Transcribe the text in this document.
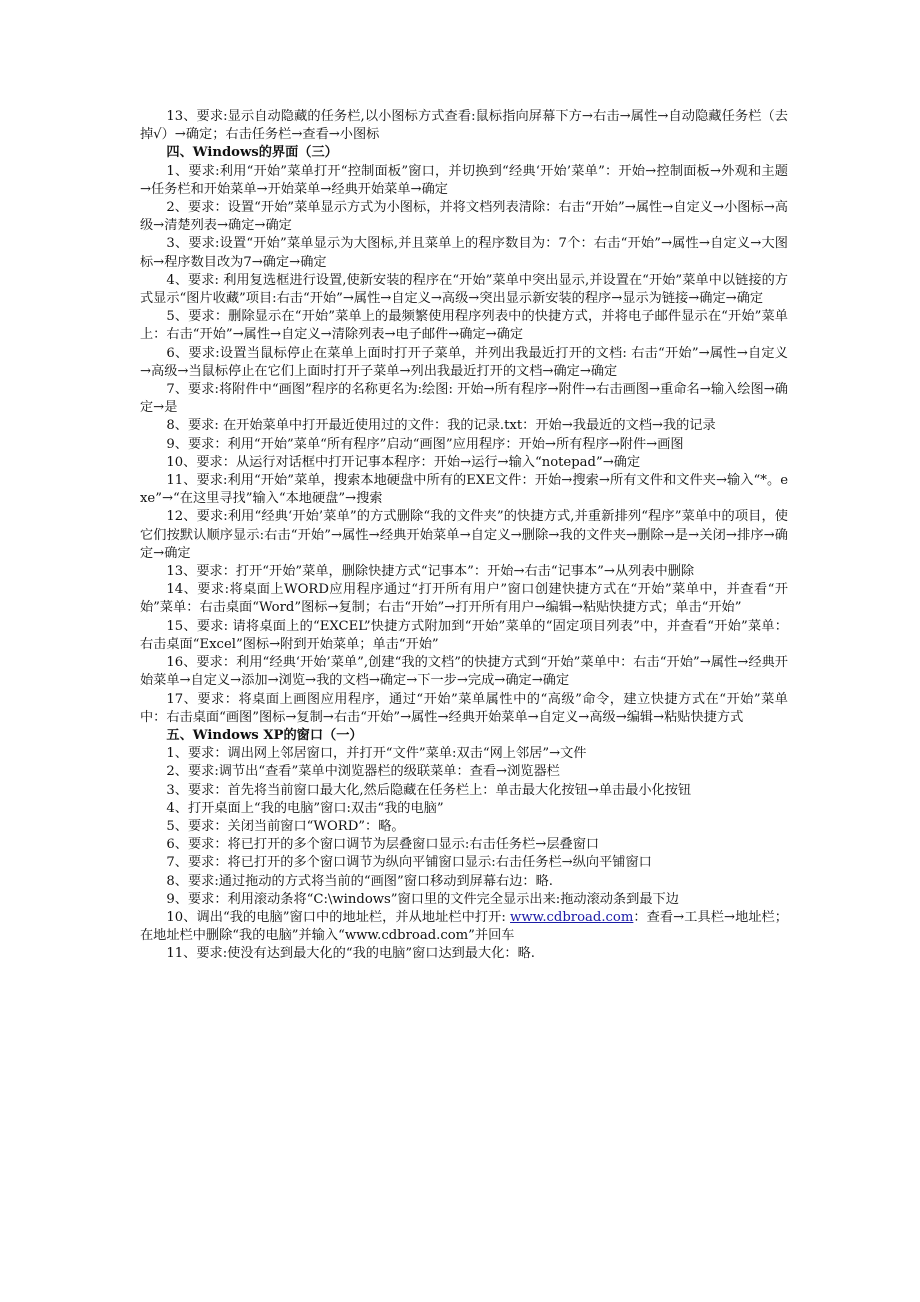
13、要求:显示自动隐藏的任务栏,以小图标方式查看:鼠标指向屏幕下方→右击→属性→自动隐藏任务栏（去掉√）→确定；右击任务栏→查看→小图标

四、Windows的界面（三）

1、要求:利用“开始”菜单打开“控制面板”窗口，并切换到“经典‘开始’菜单”：开始→控制面板→外观和主题→任务栏和开始菜单→开始菜单→经典开始菜单→确定

2、要求：设置“开始”菜单显示方式为小图标，并将文档列表清除：右击“开始”→属性→自定义→小图标→高级→清楚列表→确定→确定

3、要求:设置“开始”菜单显示为大图标,并且菜单上的程序数目为：7个：右击“开始”→属性→自定义→大图标→程序数目改为7→确定→确定

4、要求: 利用复选框进行设置,使新安装的程序在“开始”菜单中突出显示,并设置在“开始”菜单中以链接的方式显示“图片收藏”项目:右击“开始”→属性→自定义→高级→突出显示新安装的程序→显示为链接→确定→确定

5、要求：删除显示在“开始”菜单上的最频繁使用程序列表中的快捷方式，并将电子邮件显示在“开始”菜单上：右击“开始”→属性→自定义→清除列表→电子邮件→确定→确定

6、要求:设置当鼠标停止在菜单上面时打开子菜单，并列出我最近打开的文档: 右击“开始”→属性→自定义→高级→当鼠标停止在它们上面时打开子菜单→列出我最近打开的文档→确定→确定

7、要求:将附件中“画图”程序的名称更名为:绘图: 开始→所有程序→附件→右击画图→重命名→输入绘图→确定→是

8、要求: 在开始菜单中打开最近使用过的文件：我的记录.txt：开始→我最近的文档→我的记录

9、要求：利用“开始”菜单“所有程序”启动“画图”应用程序：开始→所有程序→附件→画图

10、要求：从运行对话框中打开记事本程序：开始→运行→输入“notepad”→确定

11、要求:利用“开始”菜单，搜索本地硬盘中所有的EXE文件：开始→搜索→所有文件和文件夹→输入“*。exe”→“在这里寻找”输入“本地硬盘”→搜索

12、要求:利用“经典‘开始’菜单”的方式删除“我的文件夹”的快捷方式,并重新排列“程序”菜单中的项目，使它们按默认顺序显示:右击“开始”→属性→经典开始菜单→自定义→删除→我的文件夹→删除→是→关闭→排序→确定→确定

13、要求：打开“开始”菜单，删除快捷方式“记事本”：开始→右击“记事本”→从列表中删除

14、要求:将桌面上WORD应用程序通过“打开所有用户”窗口创建快捷方式在“开始”菜单中，并查看“开始”菜单：右击桌面“Word”图标→复制；右击“开始”→打开所有用户→编辑→粘贴快捷方式；单击“开始”

15、要求: 请将桌面上的“EXCEL”快捷方式附加到“开始”菜单的“固定项目列表”中，并查看“开始”菜单：右击桌面“Excel”图标→附到开始菜单；单击“开始”

16、要求：利用“经典‘开始’菜单”,创建“我的文档”的快捷方式到“开始”菜单中：右击“开始”→属性→经典开始菜单→自定义→添加→浏览→我的文档→确定→下一步→完成→确定→确定

17、要求：将桌面上画图应用程序，通过“开始”菜单属性中的“高级”命令，建立快捷方式在“开始”菜单中：右击桌面“画图”图标→复制→右击“开始”→属性→经典开始菜单→自定义→高级→编辑→粘贴快捷方式

五、Windows XP的窗口（一）

1、要求：调出网上邻居窗口，并打开“文件”菜单:双击“网上邻居”→文件

2、要求:调节出“查看”菜单中浏览器栏的级联菜单：查看→浏览器栏

3、要求：首先将当前窗口最大化,然后隐藏在任务栏上：单击最大化按钮→单击最小化按钮

4、打开桌面上“我的电脑”窗口:双击“我的电脑”

5、要求：关闭当前窗口“WORD”：略。

6、要求：将已打开的多个窗口调节为层叠窗口显示:右击任务栏→层叠窗口

7、要求：将已打开的多个窗口调节为纵向平铺窗口显示:右击任务栏→纵向平铺窗口

8、要求:通过拖动的方式将当前的“画图”窗口移动到屏幕右边：略.

9、要求：利用滚动条将“C:\windows”窗口里的文件完全显示出来:拖动滚动条到最下边

10、调出“我的电脑”窗口中的地址栏，并从地址栏中打开: www.cdbroad.com：查看→工具栏→地址栏；在地址栏中删除“我的电脑”并输入“www.cdbroad.com”并回车

11、要求:使没有达到最大化的“我的电脑”窗口达到最大化：略.
